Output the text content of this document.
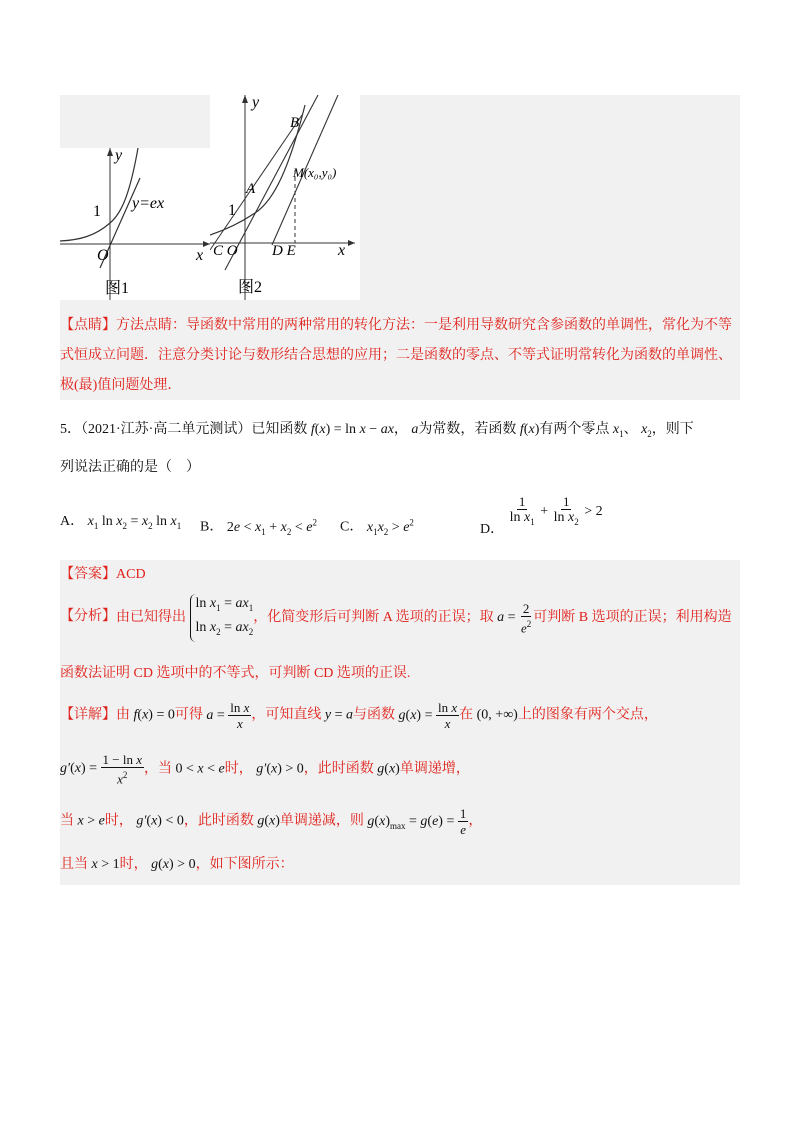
y
x
O
1 y=ex
图1
y
x
1
B
A
M(x₀,y₀)
C O D E
图2
【点睛】方法点睛：导函数中常用的两种常用的转化方法：一是利用导数研究含参函数的单调性，常化为不等
式恒成立问题．注意分类讨论与数形结合思想的应用；二是函数的零点、不等式证明常转化为函数的单调性、
极(最)值问题处理．
5．（2021·江苏·高二单元测试）已知函数 f(x) = ln x − ax， a为常数，若函数 f(x)有两个零点 $x_1$、 $x_2$，则下
列说法正确的是（　）
A． $x_1$ $\ln x_2 = x_2$ $\ln x_1$ B． $2e < x_1 + x_2 < e^2$ C． $x_1x_2 > e^2$
D． $\frac{1}{\ln x_1} + \frac{1}{\ln x_2} > 2$
【答案】ACD
【分析】由已知得出 $\ln x_1 = ax_1$
$\ln x_2 = ax_2$，化简变形后可判断 A 选项的正误；取 $a = \frac{2}{e^2}$ 可判断 B 选项的正误；利用构造
函数法证明 CD 选项中的不等式，可判断 CD 选项的正误.
【详解】由 f(x) = 0可得 $a = \frac{\text{ln x}}{x}$ ，可知直线 y = a与函数 $g(x) = \frac{\text{ln x}}{x}$ 在 (0, +∞)上的图象有两个交点，
$g'(x) = \frac{\text{1 − ln x}}{x^2}$ ，当 0 < x < e时， g′(x) > 0，此时函数 g(x)单调递增，
当 x > e时， g′(x) < 0，此时函数 g(x)单调递减，则 $g(x)_{max} = g(e) = \frac{1}{e}$ ，
且当 x > 1时， g(x) > 0，如下图所示：
